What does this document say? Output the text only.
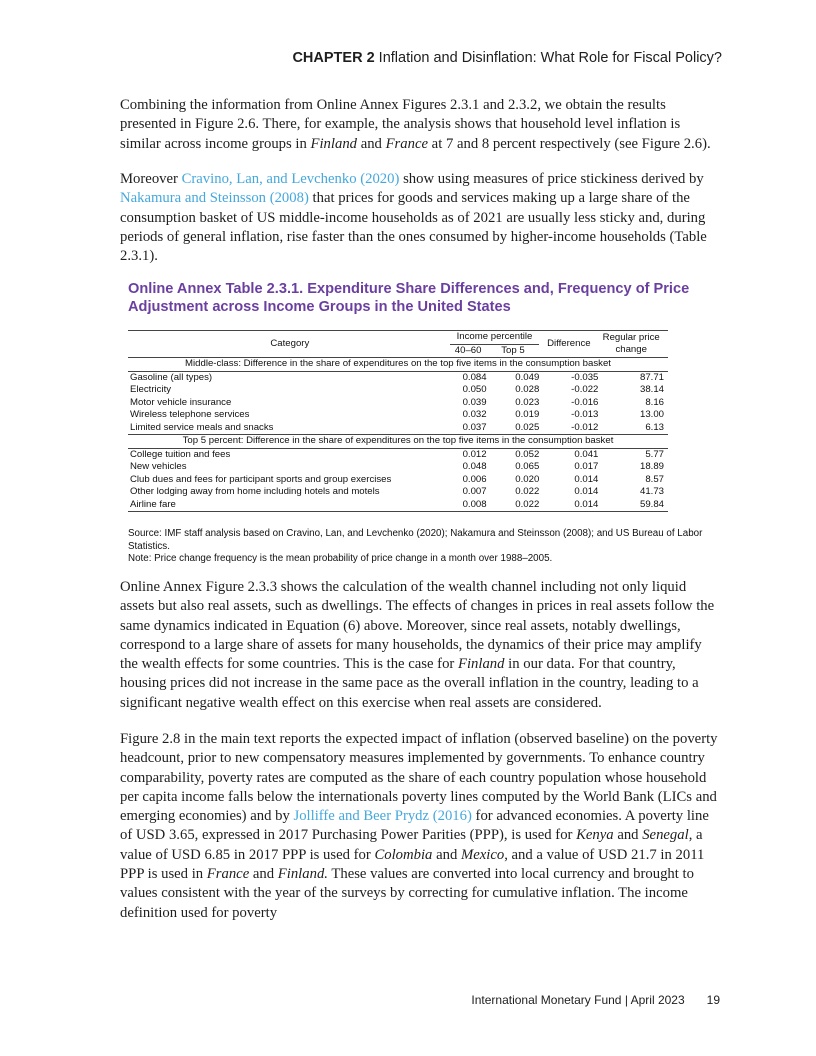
CHAPTER 2 Inflation and Disinflation: What Role for Fiscal Policy?
Combining the information from Online Annex Figures 2.3.1 and 2.3.2, we obtain the results presented in Figure 2.6. There, for example, the analysis shows that household level inflation is similar across income groups in Finland and France at 7 and 8 percent respectively (see Figure 2.6).
Moreover Cravino, Lan, and Levchenko (2020) show using measures of price stickiness derived by Nakamura and Steinsson (2008) that prices for goods and services making up a large share of the consumption basket of US middle-income households as of 2021 are usually less sticky and, during periods of general inflation, rise faster than the ones consumed by higher-income households (Table 2.3.1).
Online Annex Table 2.3.1. Expenditure Share Differences and, Frequency of Price Adjustment across Income Groups in the United States
Category	Income percentile		Difference	Regular price change
	40–60	Top 5		
Middle-class: Difference in the share of expenditures on the top five items in the consumption basket				
Gasoline (all types)	0.084	0.049	-0.035	87.71
Electricity	0.050	0.028	-0.022	38.14
Motor vehicle insurance	0.039	0.023	-0.016	8.16
Wireless telephone services	0.032	0.019	-0.013	13.00
Limited service meals and snacks	0.037	0.025	-0.012	6.13
Top 5 percent: Difference in the share of expenditures on the top five items in the consumption basket				
College tuition and fees	0.012	0.052	0.041	5.77
New vehicles	0.048	0.065	0.017	18.89
Club dues and fees for participant sports and group exercises	0.006	0.020	0.014	8.57
Other lodging away from home including hotels and motels	0.007	0.022	0.014	41.73
Airline fare	0.008	0.022	0.014	59.84
Source: IMF staff analysis based on Cravino, Lan, and Levchenko (2020); Nakamura and Steinsson (2008); and US Bureau of Labor Statistics.
Note: Price change frequency is the mean probability of price change in a month over 1988–2005.
Online Annex Figure 2.3.3 shows the calculation of the wealth channel including not only liquid assets but also real assets, such as dwellings. The effects of changes in prices in real assets follow the same dynamics indicated in Equation (6) above. Moreover, since real assets, notably dwellings, correspond to a large share of assets for many households, the dynamics of their price may amplify the wealth effects for some countries. This is the case for Finland in our data. For that country, housing prices did not increase in the same pace as the overall inflation in the country, leading to a significant negative wealth effect on this exercise when real assets are considered.
Figure 2.8 in the main text reports the expected impact of inflation (observed baseline) on the poverty headcount, prior to new compensatory measures implemented by governments. To enhance country comparability, poverty rates are computed as the share of each country population whose household per capita income falls below the internationals poverty lines computed by the World Bank (LICs and emerging economies) and by Jolliffe and Beer Prydz (2016) for advanced economies. A poverty line of USD 3.65, expressed in 2017 Purchasing Power Parities (PPP), is used for Kenya and Senegal, a value of USD 6.85 in 2017 PPP is used for Colombia and Mexico, and a value of USD 21.7 in 2011 PPP is used in France and Finland. These values are converted into local currency and brought to values consistent with the year of the surveys by correcting for cumulative inflation. The income definition used for poverty
International Monetary Fund | April 2023 19
